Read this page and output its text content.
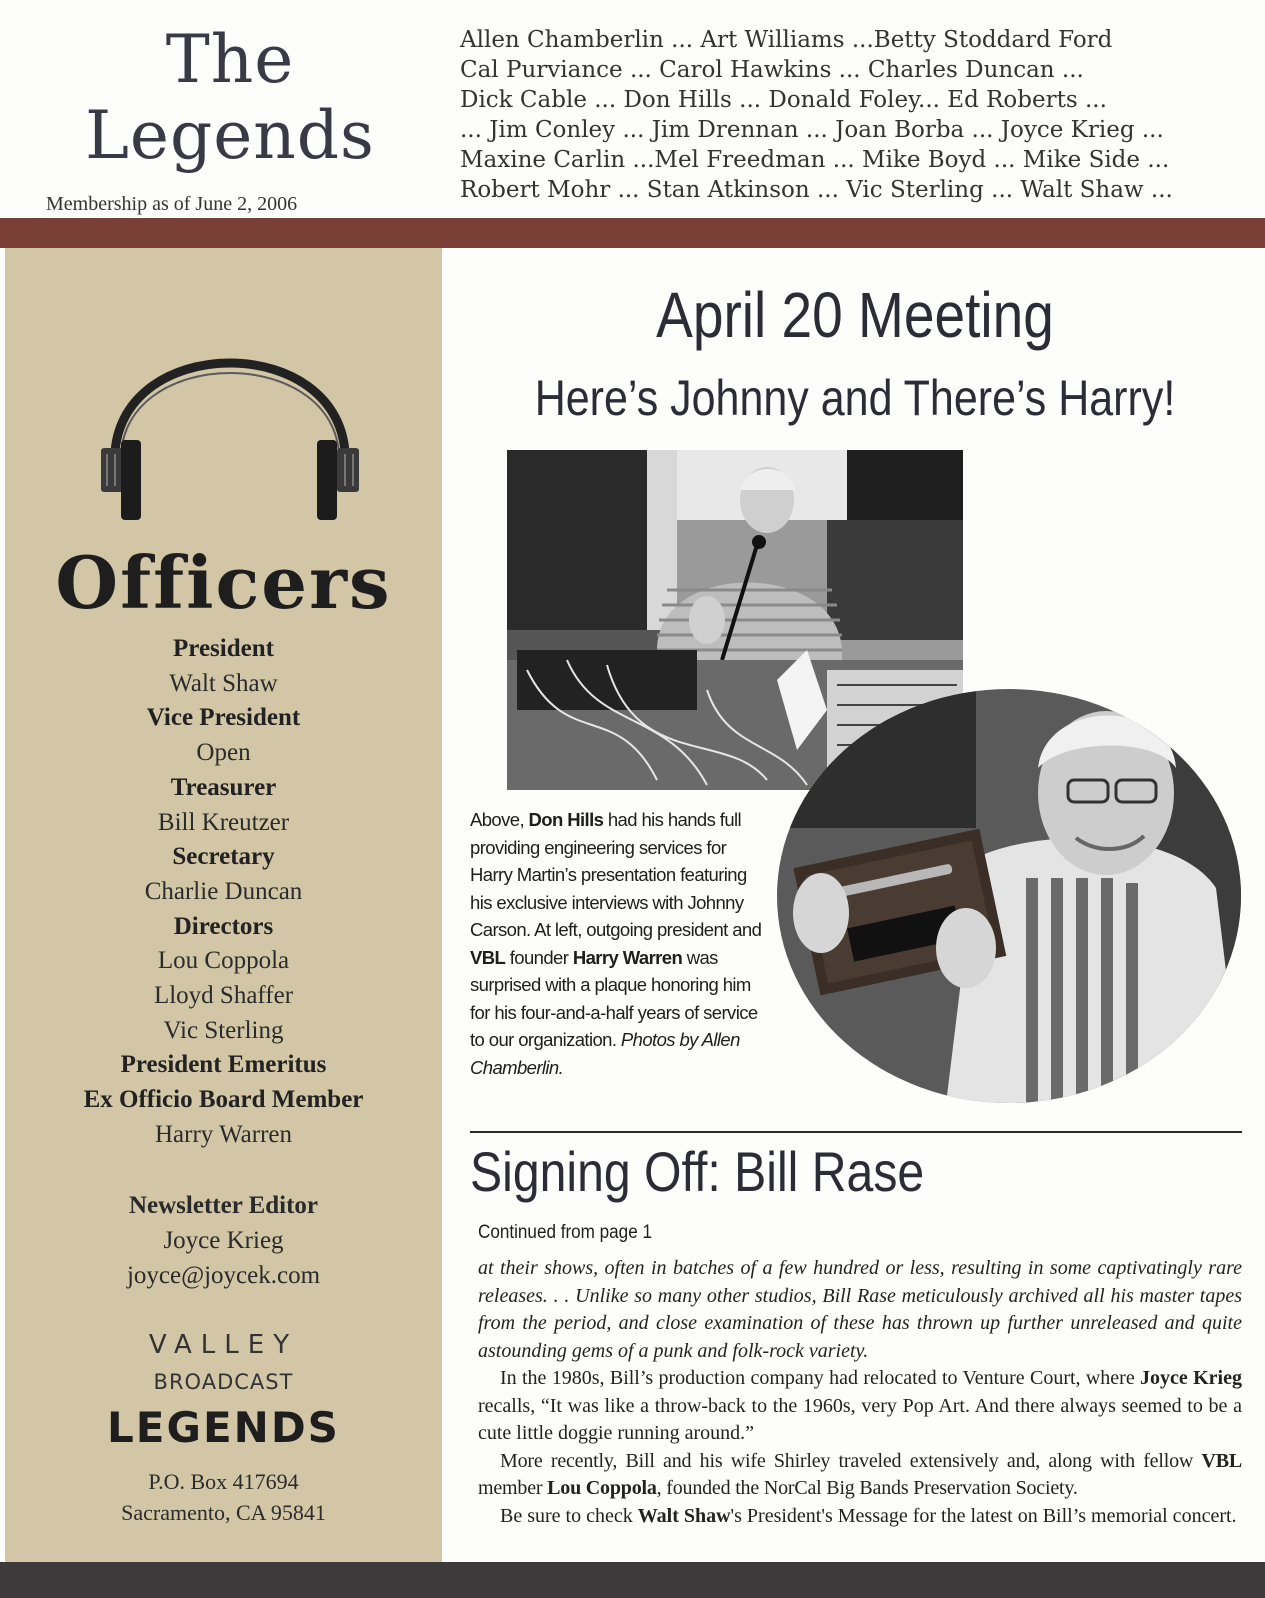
The
Legends
Membership as of June 2, 2006
Allen Chamberlin ... Art Williams ...Betty Stoddard Ford
Cal Purviance ... Carol Hawkins ... Charles Duncan ...
Dick Cable ... Don Hills ... Donald Foley... Ed Roberts ...
... Jim Conley ... Jim Drennan ... Joan Borba ... Joyce Krieg ...
Maxine Carlin ...Mel Freedman ... Mike Boyd ... Mike Side ...
Robert Mohr ... Stan Atkinson ... Vic Sterling ... Walt Shaw ...
Officers
President
Walt Shaw
Vice President
Open
Treasurer
Bill Kreutzer
Secretary
Charlie Duncan
Directors
Lou Coppola
Lloyd Shaffer
Vic Sterling
President Emeritus
Ex Officio Board Member
Harry Warren
Newsletter Editor
Joyce Krieg
joyce@joycek.com
VALLEY
BROADCAST
LEGENDS
P.O. Box 417694
Sacramento, CA 95841
April 20 Meeting
Here’s Johnny and There’s Harry!
Above, Don Hills had his hands full providing engineering services for Harry Martin’s presentation featuring his exclusive interviews with Johnny Carson. At left, outgoing president and VBL founder Harry Warren was surprised with a plaque honoring him for his four-and-a-half years of service to our organization. Photos by Allen Chamberlin.
Signing Off: Bill Rase
Continued from page 1

at their shows, often in batches of a few hundred or less, resulting in some captivatingly rare releases. . . Unlike so many other studios, Bill Rase meticulously archived all his master tapes from the period, and close examination of these has thrown up further unreleased and quite astounding gems of a punk and folk-rock variety.

In the 1980s, Bill’s production company had relocated to Venture Court, where Joyce Krieg recalls, “It was like a throw-back to the 1960s, very Pop Art. And there always seemed to be a cute little doggie running around.”

More recently, Bill and his wife Shirley traveled extensively and, along with fellow VBL member Lou Coppola, founded the NorCal Big Bands Preservation Society.

Be sure to check Walt Shaw's President's Message for the latest on Bill’s memorial concert.
